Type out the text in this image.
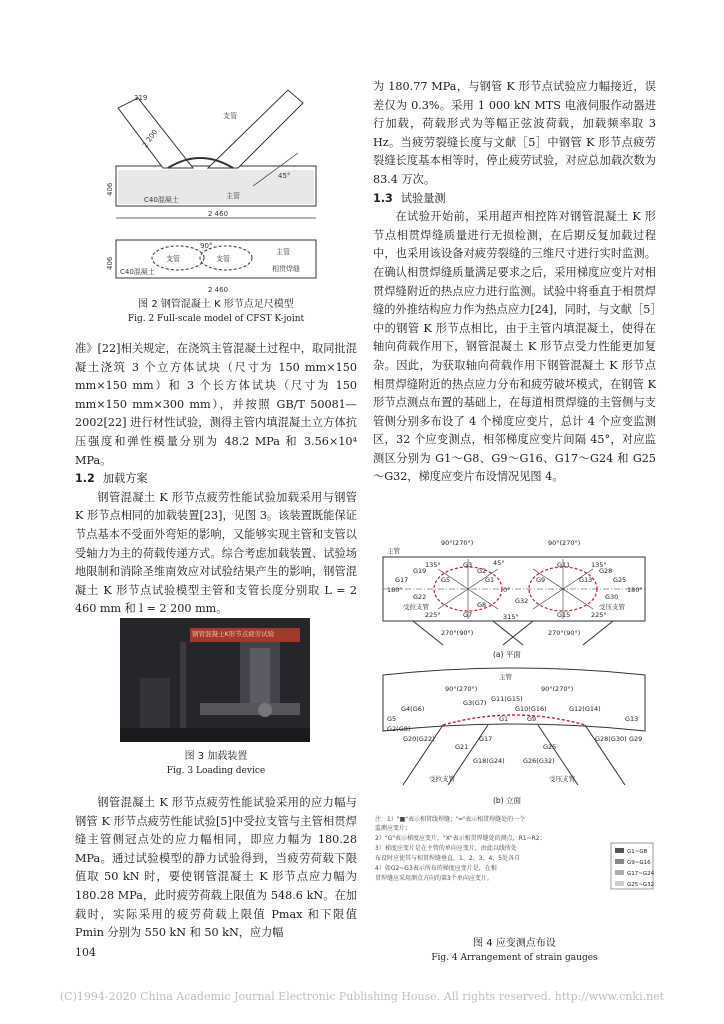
319
2 200
406
45°
支管
主管
C40混凝土
2 460
406
90°
支管	支管
主管
C40混凝土	相贯焊缝
2 460
图 2 钢管混凝土 K 形节点足尺模型
Fig. 2 Full-scale model of CFST K-joint

准》[22]相关规定，在浇筑主管混凝土过程中，取同批混凝土浇筑 3 个立方体试块（尺寸为 150 mm×150 mm×150 mm）和 3 个长方体试块（尺寸为 150 mm×150 mm×300 mm），并按照 GB/T 50081—2002[22] 进行材性试验，测得主管内填混凝土立方体抗压强度和弹性模量分别为 48.2 MPa 和 3.56×10⁴ MPa。

1.2 加载方案

钢管混凝土 K 形节点疲劳性能试验加载采用与钢管 K 形节点相同的加载装置[23]，见图 3。该装置既能保证节点基本不受面外弯矩的影响，又能够实现主管和支管以受轴力为主的荷载传递方式。综合考虑加载装置、试验场地限制和消除圣维南效应对试验结果产生的影响，钢管混凝土 K 形节点试验模型主管和支管长度分别取 L = 2 460 mm 和 l = 2 200 mm。

钢管混凝土K形节点疲劳试验
图 3 加载装置
Fig. 3 Loading device

钢管混凝土 K 形节点疲劳性能试验采用的应力幅与钢管 K 形节点疲劳性能试验[5]中受拉支管与主管相贯焊缝主管侧冠点处的应力幅相同，即应力幅为 180.28 MPa。通过试验模型的静力试验得到，当疲劳荷载下限值取 50 kN 时，要使钢管混凝土 K 形节点应力幅为 180.28 MPa，此时疲劳荷载上限值为 548.6 kN。在加载时，实际采用的疲劳荷载上限值 Pmax 和下限值 Pmin 分别为 550 kN 和 50 kN，应力幅

104

为 180.77 MPa，与钢管 K 形节点试验应力幅接近，误差仅为 0.3%。采用 1 000 kN MTS 电液伺服作动器进行加载，荷载形式为等幅正弦波荷载，加载频率取 3 Hz。当疲劳裂缝长度与文献［5］中钢管 K 形节点疲劳裂缝长度基本相等时，停止疲劳试验，对应总加载次数为 83.4 万次。

1.3 试验量测

在试验开始前，采用超声相控阵对钢管混凝土 K 形节点相贯焊缝质量进行无损检测，在后期反复加载过程中，也采用该设备对疲劳裂缝的三维尺寸进行实时监测。在确认相贯焊缝质量满足要求之后，采用梯度应变片对相贯焊缝附近的热点应力进行监测。试验中将垂直于相贯焊缝的外推结构应力作为热点应力[24]，同时，与文献［5］中的钢管 K 形节点相比，由于主管内填混凝土，使得在轴向荷载作用下，钢管混凝土 K 形节点受力性能更加复杂。因此，为获取轴向荷载作用下钢管混凝土 K 形节点相贯焊缝附近的热点应力分布和疲劳破坏模式，在钢管 K 形节点测点布置的基础上，在每道相贯焊缝的主管侧与支管侧分别多布设了 4 个梯度应变片，总计 4 个应变监测区，32 个应变测点，相邻梯度应变片间隔 45°，对应监测区分别为 G1～G8、G9～G16、G17～G24 和 G25～G32，梯度应变片布设情况见图 4。

90°(270°)	90°(270°)
主管
135°	135°
45°
0°
180°	180°
225°	225°
315°
270°(90°)	270°(90°)
受拉支管	受压支管
G1
G5
G3
G7
G2
G8
G13
G9
G11
G15
G17
G22
G19
G25
G28
G30
G32
(a) 平面
主管
90°(270°)	90°(270°)
G4(G6)
G2(G8)
G3(G7) G11(G15)
G10(G16)	G12(G14)
G5	G1	G9	G13
G20(G22)	G17	G28(G30) G29
G18(G24)	G26(G32)
G21	G25
受拉支管	受压支管
(b) 立面
注：1）"■"表示相贯线焊缝；"━"表示相贯焊缝处的一个
监测应变片；
2）"G"表示梯度应变片，"X"表示相贯焊缝处的测点，R1~R2；
3）梯度应变片是在主管的单向应变片，由此以线所处
布设时应使其与相贯焊缝垂直，1、2、3、4、5处各自
4）如G2~G3表示所布的梯度应变片是，在相
贯焊缝应采用测点方向的第3个单向应变片。
G1~G8
G9~G16
G17~G24
G25~G32
图 4 应变测点布设
Fig. 4 Arrangement of strain gauges
(C)1994-2020 China Academic Journal Electronic Publishing House. All rights reserved. http://www.cnki.net
